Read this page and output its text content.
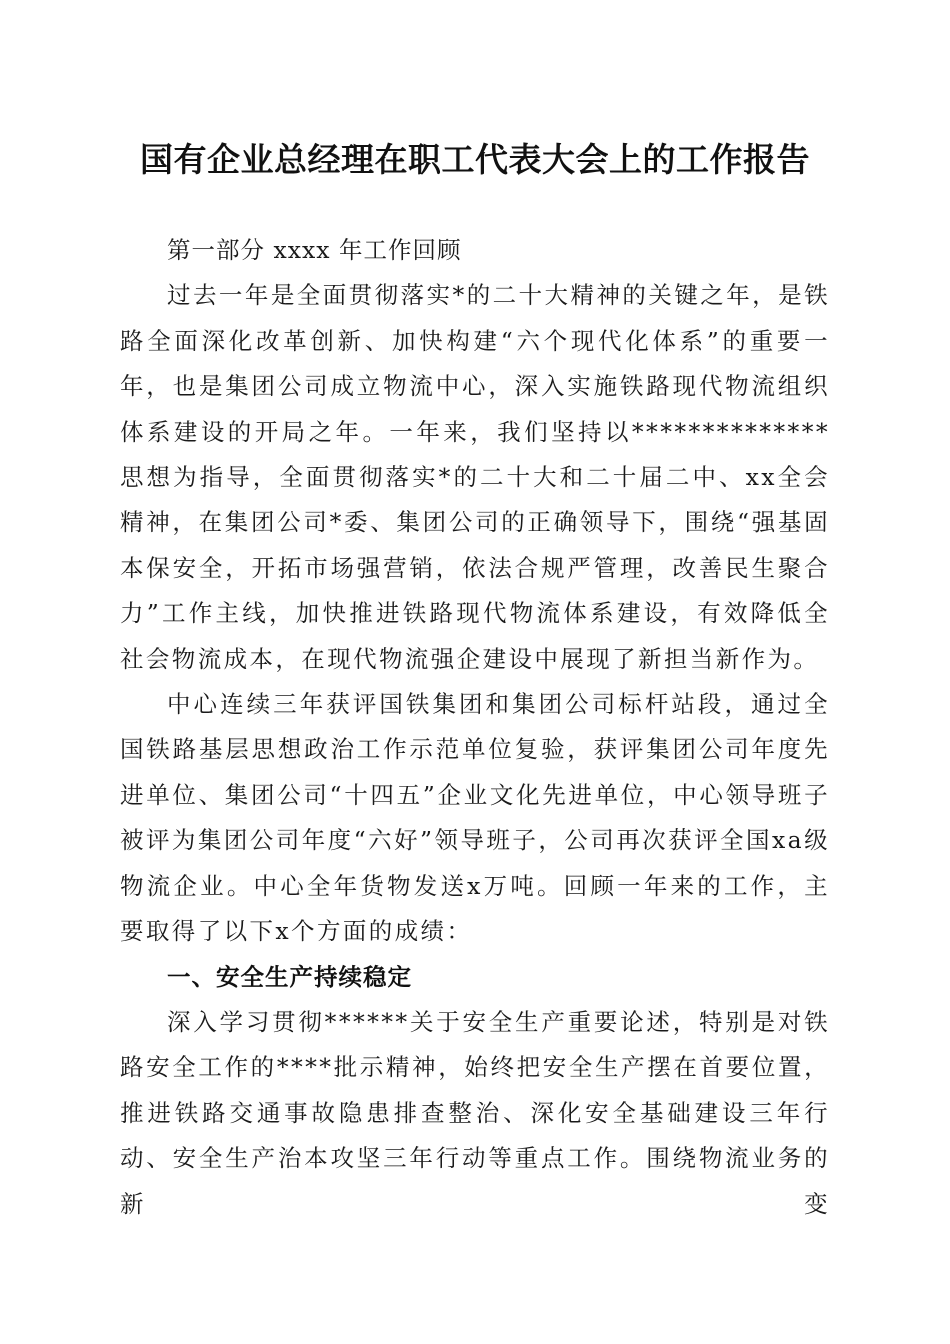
国有企业总经理在职工代表大会上的工作报告

第一部分 xxxx 年工作回顾

过去一年是全面贯彻落实*的二十大精神的关键之年，是铁路全面深化改革创新、加快构建“六个现代化体系”的重要一年，也是集团公司成立物流中心，深入实施铁路现代物流组织体系建设的开局之年。一年来，我们坚持以**************思想为指导，全面贯彻落实*的二十大和二十届二中、xx全会精神，在集团公司*委、集团公司的正确领导下，围绕“强基固本保安全，开拓市场强营销，依法合规严管理，改善民生聚合力”工作主线，加快推进铁路现代物流体系建设，有效降低全社会物流成本，在现代物流强企建设中展现了新担当新作为。

中心连续三年获评国铁集团和集团公司标杆站段，通过全国铁路基层思想政治工作示范单位复验，获评集团公司年度先进单位、集团公司“十四五”企业文化先进单位，中心领导班子被评为集团公司年度“六好”领导班子，公司再次获评全国xa级物流企业。中心全年货物发送x万吨。回顾一年来的工作，主要取得了以下x个方面的成绩：

一、安全生产持续稳定

深入学习贯彻******关于安全生产重要论述，特别是对铁路安全工作的****批示精神，始终把安全生产摆在首要位置，推进铁路交通事故隐患排查整治、深化安全基础建设三年行动、安全生产治本攻坚三年行动等重点工作。围绕物流业务的新变
